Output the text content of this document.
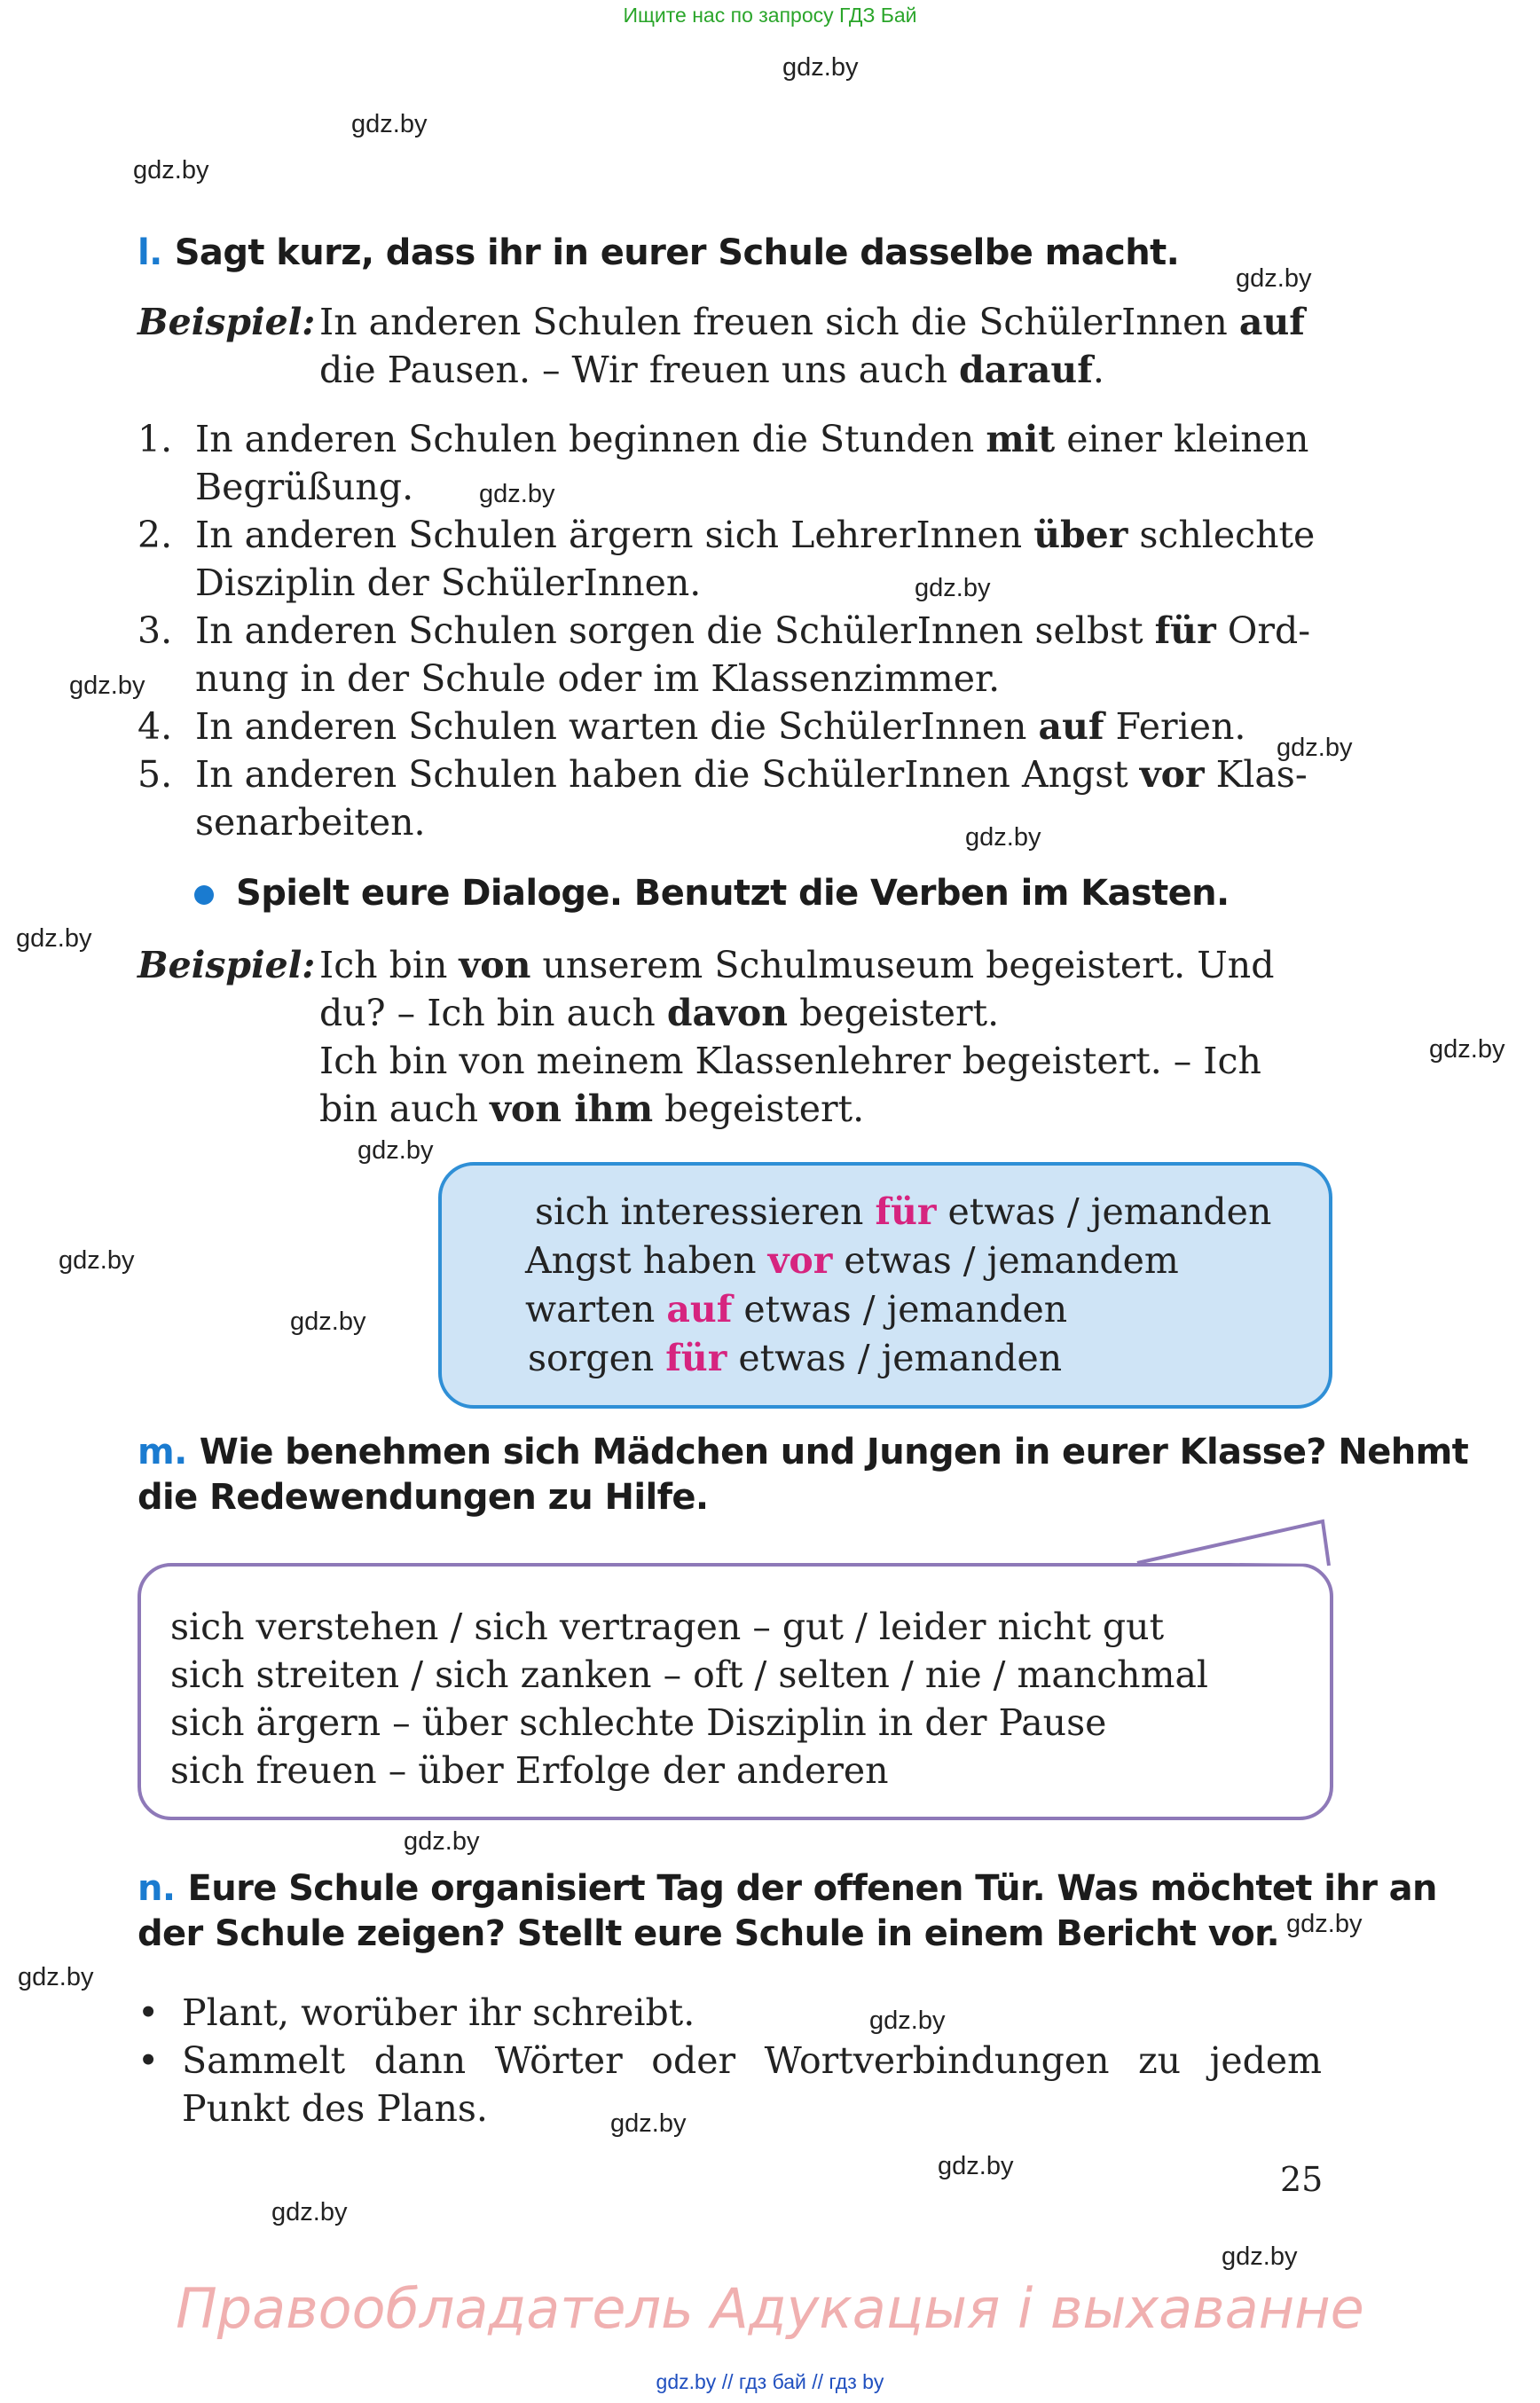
Ищите нас по запросу ГДЗ Бай
gdz.by
gdz.by
gdz.by
gdz.by
gdz.by
gdz.by
gdz.by
gdz.by
gdz.by
gdz.by
gdz.by
gdz.by
gdz.by
gdz.by
gdz.by
gdz.by
gdz.by
gdz.by
gdz.by
gdz.by
gdz.by
gdz.by
l. Sagt kurz, dass ihr in eurer Schule dasselbe macht.
Beispiel: In anderen Schulen freuen sich die SchülerInnen auf
die Pausen. – Wir freuen uns auch darauf.
1. In anderen Schulen beginnen die Stunden mit einer kleinen
Begrüßung.
2. In anderen Schulen ärgern sich LehrerInnen über schlechte
Disziplin der SchülerInnen.
3. In anderen Schulen sorgen die SchülerInnen selbst für Ord-
nung in der Schule oder im Klassenzimmer.
4. In anderen Schulen warten die SchülerInnen auf Ferien.
5. In anderen Schulen haben die SchülerInnen Angst vor Klas-
senarbeiten.
Spielt eure Dialoge. Benutzt die Verben im Kasten.
Beispiel: Ich bin von unserem Schulmuseum begeistert. Und
du? – Ich bin auch davon begeistert.
Ich bin von meinem Klassenlehrer begeistert. – Ich
bin auch von ihm begeistert.
sich interessieren für etwas / jemanden
Angst haben vor etwas / jemandem
warten auf etwas / jemanden
sorgen für etwas / jemanden
m. Wie benehmen sich Mädchen und Jungen in eurer Klasse? Nehmt
die Redewendungen zu Hilfe.
sich verstehen / sich vertragen – gut / leider nicht gut
sich streiten / sich zanken – oft / selten / nie / manchmal
sich ärgern – über schlechte Disziplin in der Pause
sich freuen – über Erfolge der anderen
n. Eure Schule organisiert Tag der offenen Tür. Was möchtet ihr an
der Schule zeigen? Stellt eure Schule in einem Bericht vor.
• Plant, worüber ihr schreibt.
• Sammelt dann Wörter oder Wortverbindungen zu jedem
Punkt des Plans.
25
Правообладатель Адукацыя і выхаванне
gdz.by // гдз бай // гдз by
